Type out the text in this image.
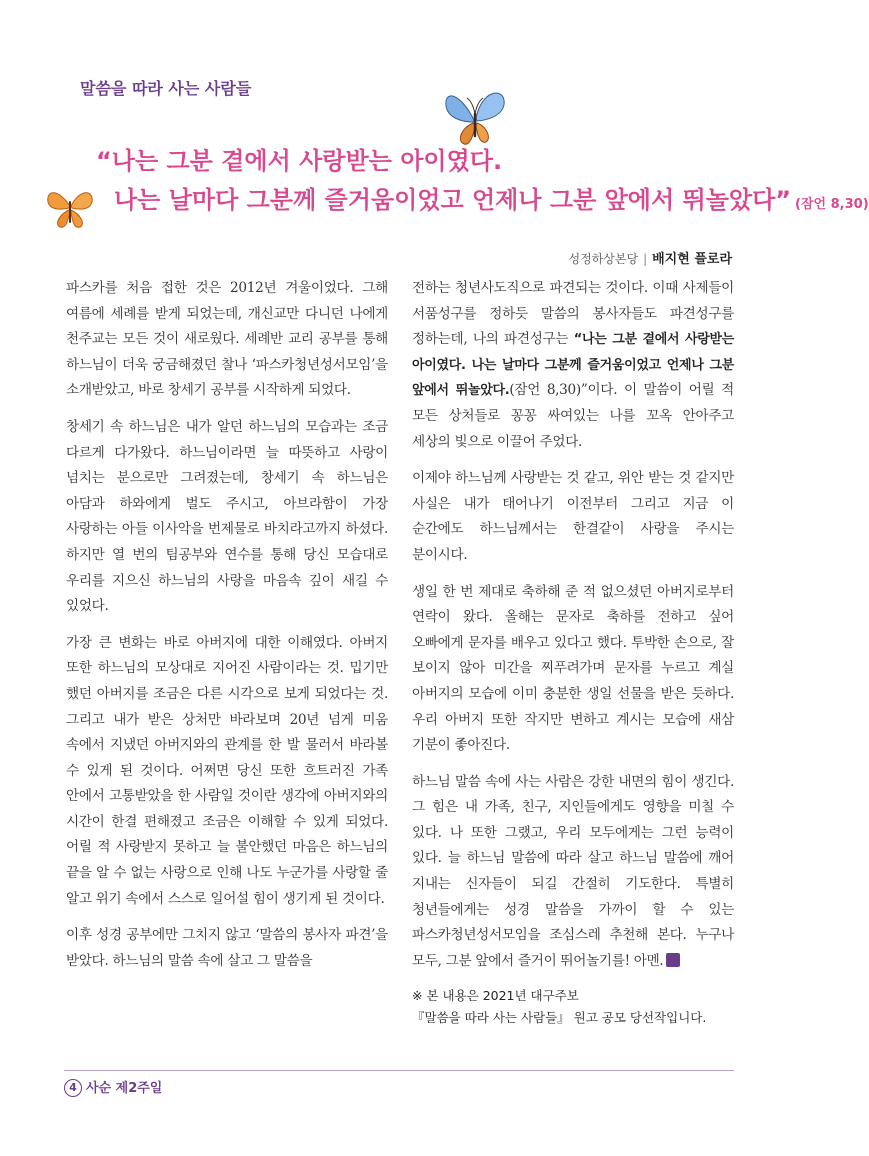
말씀을 따라 사는 사람들
“나는 그분 곁에서 사랑받는 아이였다.
나는 날마다 그분께 즐거움이었고 언제나 그분 앞에서 뛰놀았다” (잠언 8,30)
성정하상본당 | 배지현 플로라

파스카를 처음 접한 것은 2012년 겨울이었다. 그해 여름에 세례를 받게 되었는데, 개신교만 다니던 나에게 천주교는 모든 것이 새로웠다. 세례반 교리 공부를 통해 하느님이 더욱 궁금해졌던 찰나 ‘파스카청년성서모임’을 소개받았고, 바로 창세기 공부를 시작하게 되었다.

창세기 속 하느님은 내가 알던 하느님의 모습과는 조금 다르게 다가왔다. 하느님이라면 늘 따뜻하고 사랑이 넘치는 분으로만 그려졌는데, 창세기 속 하느님은 아담과 하와에게 벌도 주시고, 아브라함이 가장 사랑하는 아들 이사악을 번제물로 바치라고까지 하셨다. 하지만 열 번의 팀공부와 연수를 통해 당신 모습대로 우리를 지으신 하느님의 사랑을 마음속 깊이 새길 수 있었다.

가장 큰 변화는 바로 아버지에 대한 이해였다. 아버지 또한 하느님의 모상대로 지어진 사람이라는 것. 밉기만 했던 아버지를 조금은 다른 시각으로 보게 되었다는 것. 그리고 내가 받은 상처만 바라보며 20년 넘게 미움 속에서 지냈던 아버지와의 관계를 한 발 물러서 바라볼 수 있게 된 것이다. 어쩌면 당신 또한 흐트러진 가족 안에서 고통받았을 한 사람일 것이란 생각에 아버지와의 시간이 한결 편해졌고 조금은 이해할 수 있게 되었다. 어릴 적 사랑받지 못하고 늘 불안했던 마음은 하느님의 끝을 알 수 없는 사랑으로 인해 나도 누군가를 사랑할 줄 알고 위기 속에서 스스로 일어설 힘이 생기게 된 것이다.

이후 성경 공부에만 그치지 않고 ‘말씀의 봉사자 파견’을 받았다. 하느님의 말씀 속에 살고 그 말씀을

전하는 청년사도직으로 파견되는 것이다. 이때 사제들이 서품성구를 정하듯 말씀의 봉사자들도 파견성구를 정하는데, 나의 파견성구는 “나는 그분 곁에서 사랑받는 아이였다. 나는 날마다 그분께 즐거움이었고 언제나 그분 앞에서 뛰놀았다.(잠언 8,30)”이다. 이 말씀이 어릴 적 모든 상처들로 꽁꽁 싸여있는 나를 꼬옥 안아주고 세상의 빛으로 이끌어 주었다.

이제야 하느님께 사랑받는 것 같고, 위안 받는 것 같지만 사실은 내가 태어나기 이전부터 그리고 지금 이 순간에도 하느님께서는 한결같이 사랑을 주시는 분이시다.

생일 한 번 제대로 축하해 준 적 없으셨던 아버지로부터 연락이 왔다. 올해는 문자로 축하를 전하고 싶어 오빠에게 문자를 배우고 있다고 했다. 투박한 손으로, 잘 보이지 않아 미간을 찌푸려가며 문자를 누르고 계실 아버지의 모습에 이미 충분한 생일 선물을 받은 듯하다. 우리 아버지 또한 작지만 변하고 계시는 모습에 새삼 기분이 좋아진다.

하느님 말씀 속에 사는 사람은 강한 내면의 힘이 생긴다. 그 힘은 내 가족, 친구, 지인들에게도 영향을 미칠 수 있다. 나 또한 그랬고, 우리 모두에게는 그런 능력이 있다. 늘 하느님 말씀에 따라 살고 하느님 말씀에 깨어 지내는 신자들이 되길 간절히 기도한다. 특별히 청년들에게는 성경 말씀을 가까이 할 수 있는 파스카청년성서모임을 조심스레 추천해 본다. 누구나 모두, 그분 앞에서 즐거이 뛰어놀기를! 아멘.

※ 본 내용은 2021년 대구주보
『말씀을 따라 사는 사람들』 원고 공모 당선작입니다.
4 사순 제2주일
